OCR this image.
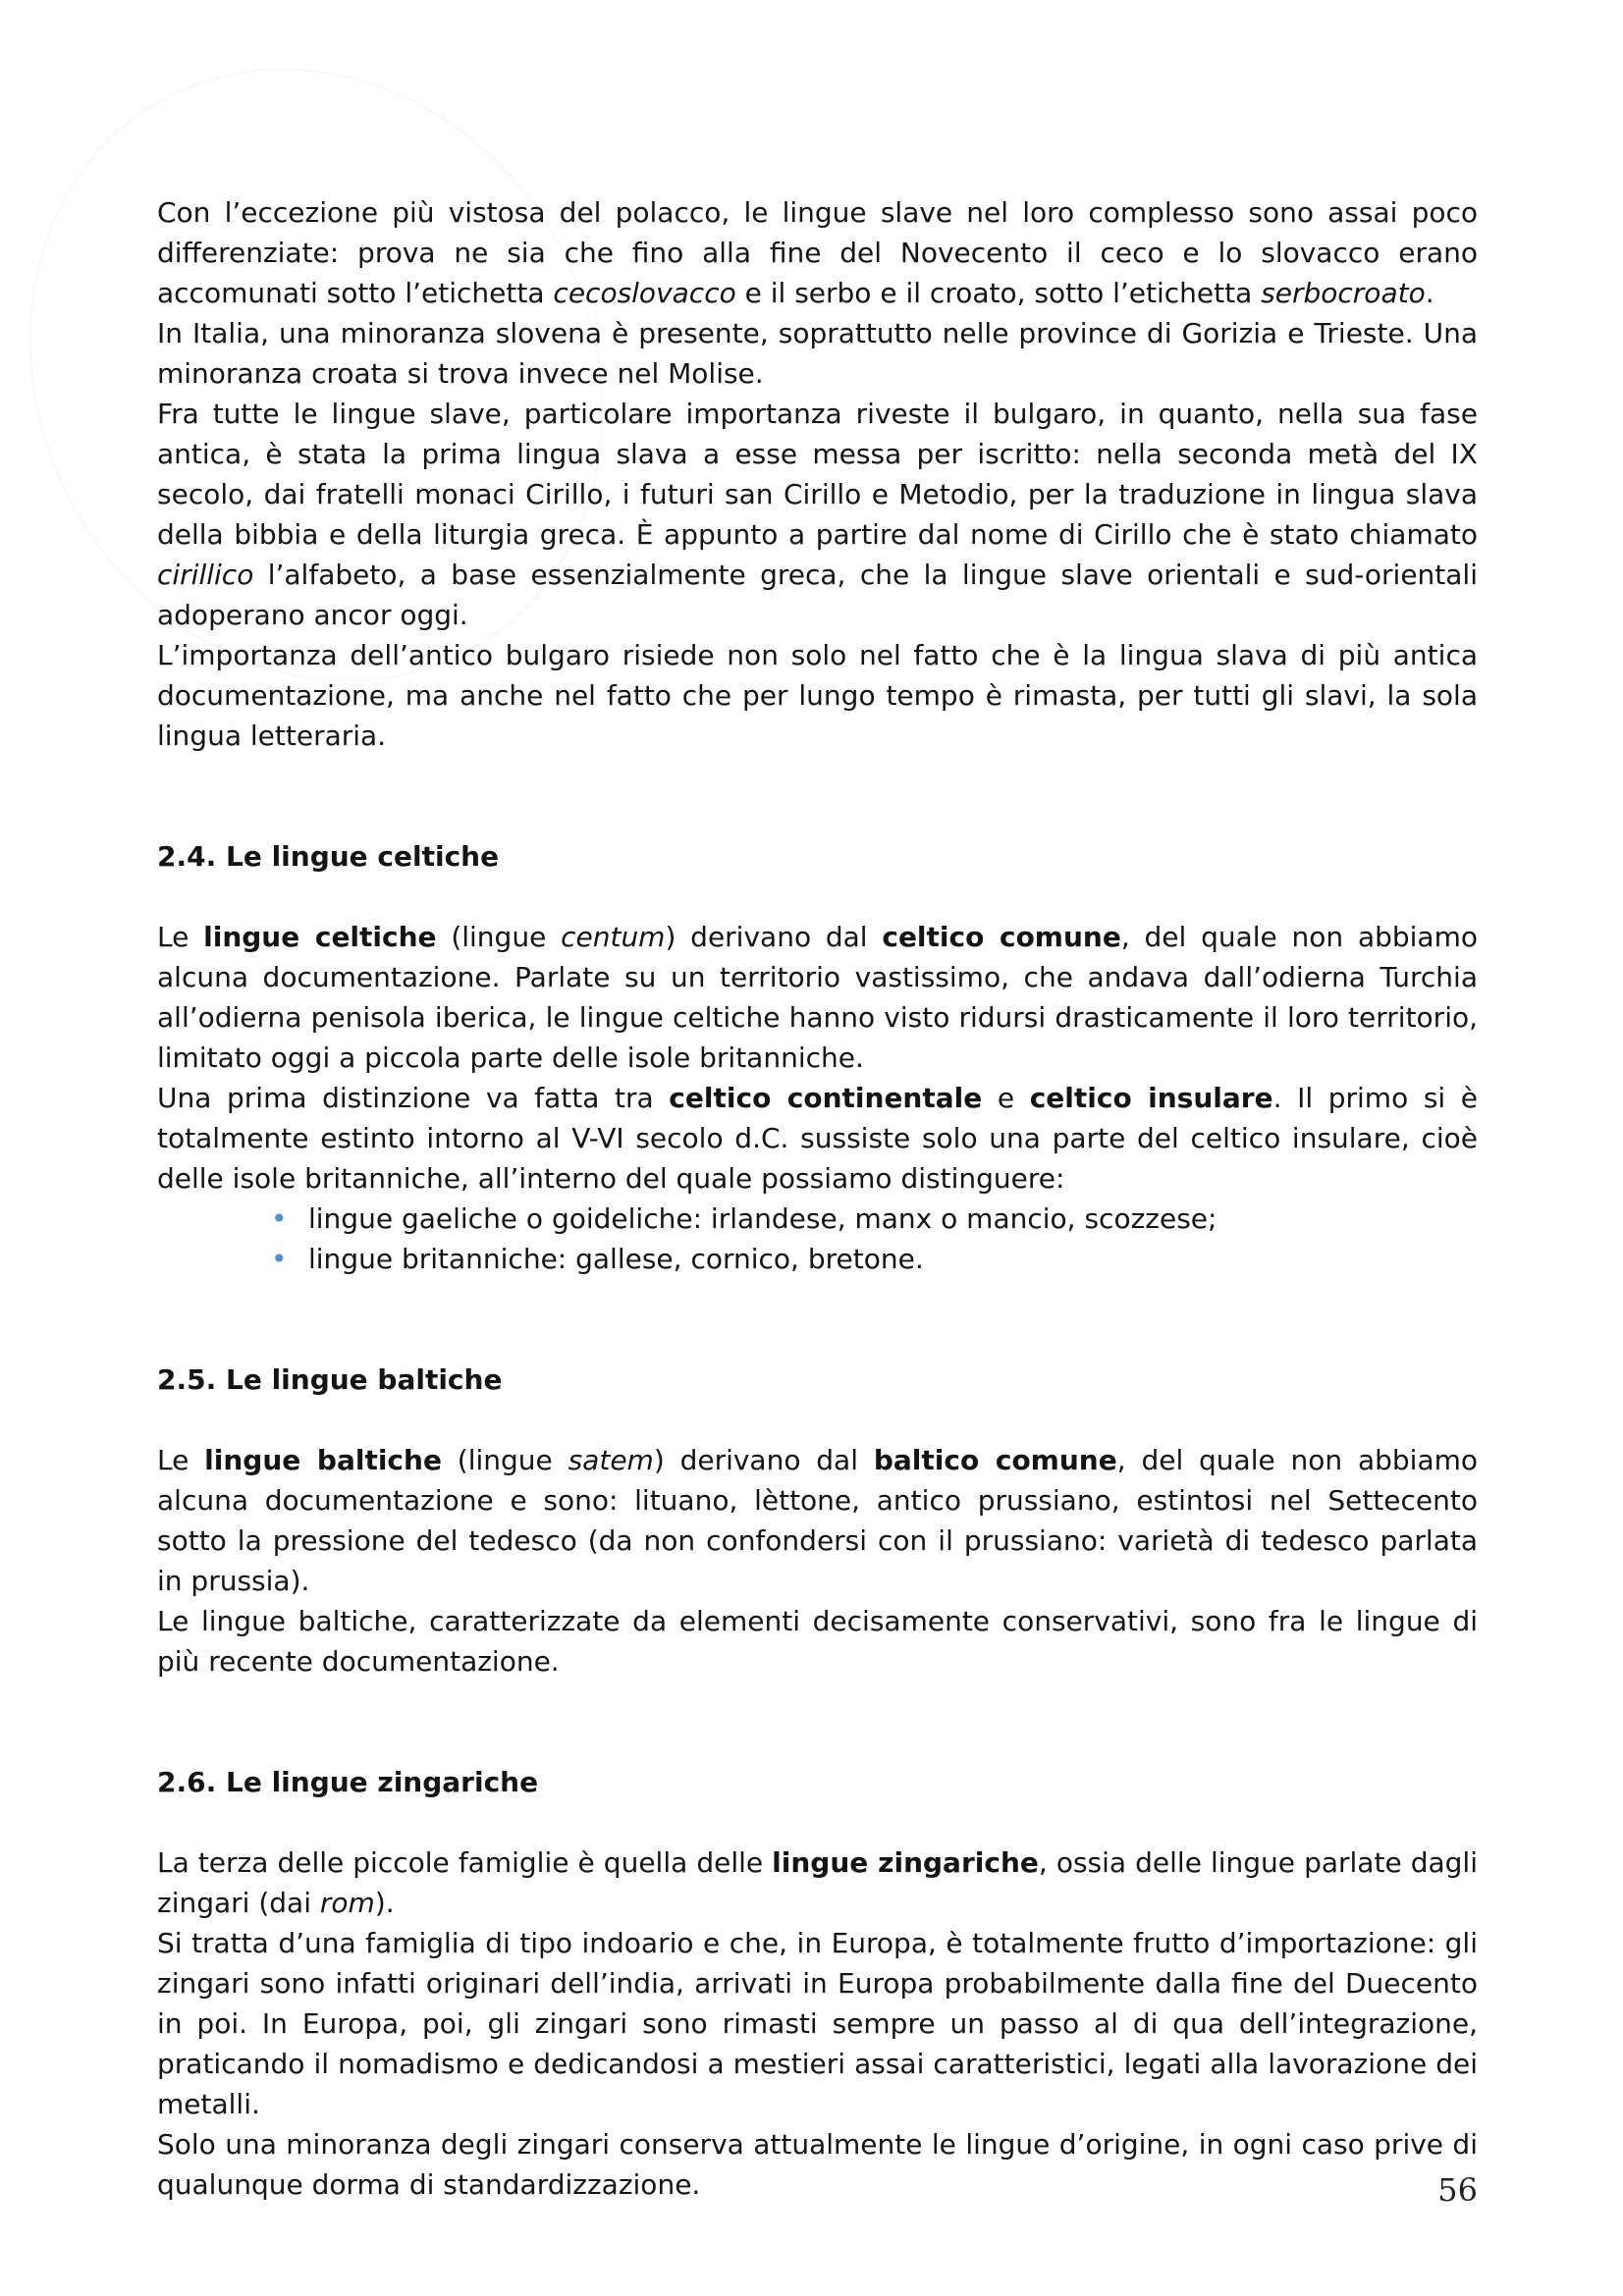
Con l’eccezione più vistosa del polacco, le lingue slave nel loro complesso sono assai poco differenziate: prova ne sia che fino alla fine del Novecento il ceco e lo slovacco erano accomunati sotto l’etichetta cecoslovacco e il serbo e il croato, sotto l’etichetta serbocroato.

In Italia, una minoranza slovena è presente, soprattutto nelle province di Gorizia e Trieste. Una minoranza croata si trova invece nel Molise.

Fra tutte le lingue slave, particolare importanza riveste il bulgaro, in quanto, nella sua fase antica, è stata la prima lingua slava a esse messa per iscritto: nella seconda metà del IX secolo, dai fratelli monaci Cirillo, i futuri san Cirillo e Metodio, per la traduzione in lingua slava della bibbia e della liturgia greca. È appunto a partire dal nome di Cirillo che è stato chiamato cirillico l’alfabeto, a base essenzialmente greca, che la lingue slave orientali e sud-orientali adoperano ancor oggi.

L’importanza dell’antico bulgaro risiede non solo nel fatto che è la lingua slava di più antica documentazione, ma anche nel fatto che per lungo tempo è rimasta, per tutti gli slavi, la sola lingua letteraria.

2.4. Le lingue celtiche

Le lingue celtiche (lingue centum) derivano dal celtico comune, del quale non abbiamo alcuna documentazione. Parlate su un territorio vastissimo, che andava dall’odierna Turchia all’odierna penisola iberica, le lingue celtiche hanno visto ridursi drasticamente il loro territorio, limitato oggi a piccola parte delle isole britanniche.

Una prima distinzione va fatta tra celtico continentale e celtico insulare. Il primo si è totalmente estinto intorno al V-VI secolo d.C. sussiste solo una parte del celtico insulare, cioè delle isole britanniche, all’interno del quale possiamo distinguere:

• lingue gaeliche o goideliche: irlandese, manx o mancio, scozzese;
• lingue britanniche: gallese, cornico, bretone.
2.5. Le lingue baltiche

Le lingue baltiche (lingue satem) derivano dal baltico comune, del quale non abbiamo alcuna documentazione e sono: lituano, lèttone, antico prussiano, estintosi nel Settecento sotto la pressione del tedesco (da non confondersi con il prussiano: varietà di tedesco parlata in prussia).

Le lingue baltiche, caratterizzate da elementi decisamente conservativi, sono fra le lingue di più recente documentazione.

2.6. Le lingue zingariche

La terza delle piccole famiglie è quella delle lingue zingariche, ossia delle lingue parlate dagli zingari (dai rom).

Si tratta d’una famiglia di tipo indoario e che, in Europa, è totalmente frutto d’importazione: gli zingari sono infatti originari dell’india, arrivati in Europa probabilmente dalla fine del Duecento in poi. In Europa, poi, gli zingari sono rimasti sempre un passo al di qua dell’integrazione, praticando il nomadismo e dedicandosi a mestieri assai caratteristici, legati alla lavorazione dei metalli.

Solo una minoranza degli zingari conserva attualmente le lingue d’origine, in ogni caso prive di qualunque dorma di standardizzazione.	56
